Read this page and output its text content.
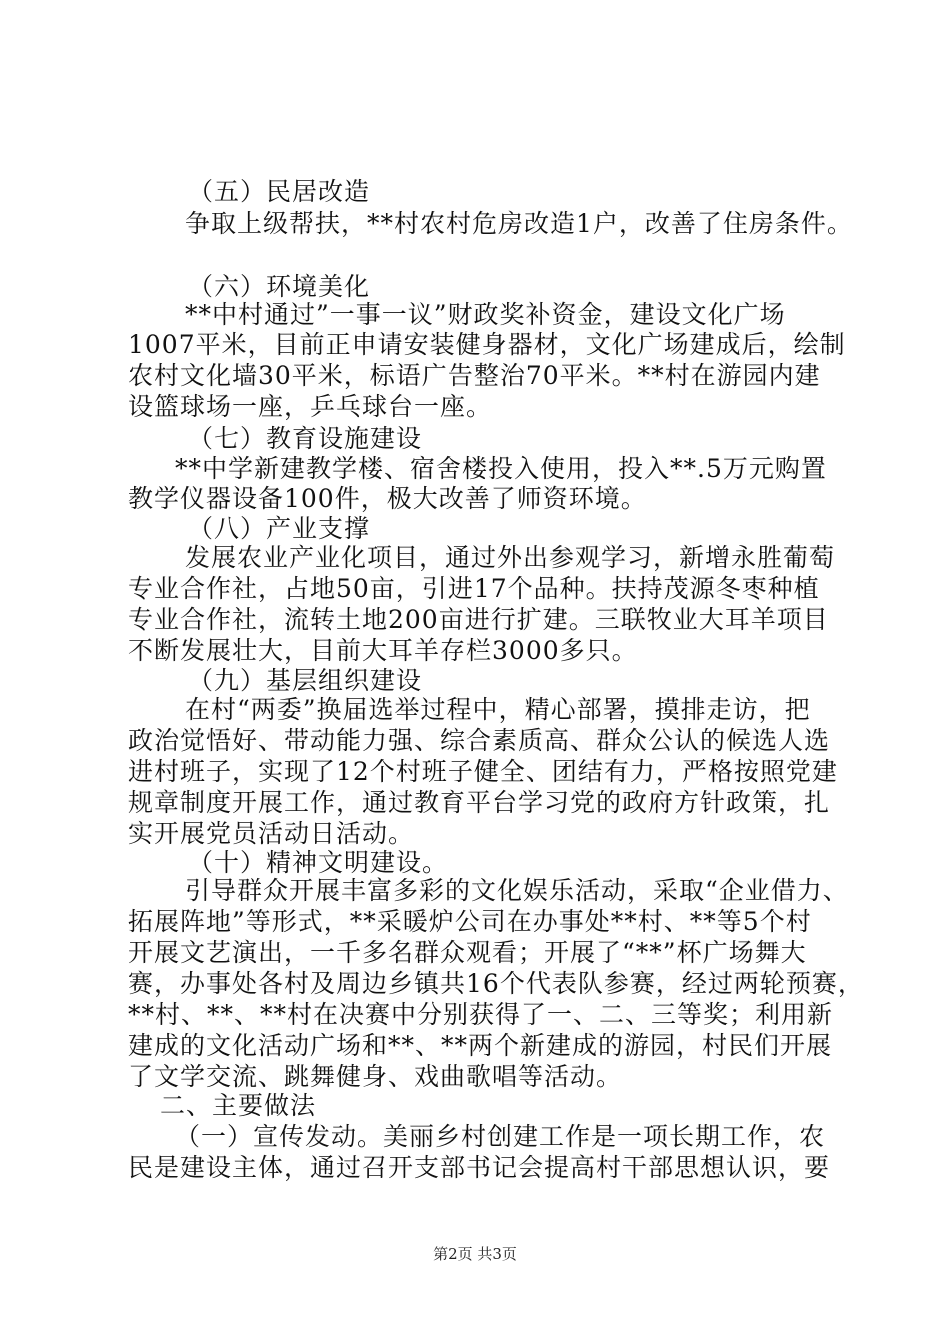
（五）民居改造
争取上级帮扶，**村农村危房改造1户，改善了住房条件。
（六）环境美化
**中村通过”一事一议”财政奖补资金，建设文化广场
1007平米，目前正申请安装健身器材，文化广场建成后，绘制
农村文化墙30平米，标语广告整治70平米。**村在游园内建
设篮球场一座，乒乓球台一座。
（七）教育设施建设
**中学新建教学楼、宿舍楼投入使用，投入**.5万元购置
教学仪器设备100件，极大改善了师资环境。
（八）产业支撑
发展农业产业化项目，通过外出参观学习，新增永胜葡萄
专业合作社，占地50亩，引进17个品种。扶持茂源冬枣种植
专业合作社，流转土地200亩进行扩建。三联牧业大耳羊项目
不断发展壮大，目前大耳羊存栏3000多只。
（九）基层组织建设
在村“两委”换届选举过程中，精心部署，摸排走访，把
政治觉悟好、带动能力强、综合素质高、群众公认的候选人选
进村班子，实现了12个村班子健全、团结有力，严格按照党建
规章制度开展工作，通过教育平台学习党的政府方针政策，扎
实开展党员活动日活动。
（十）精神文明建设。
引导群众开展丰富多彩的文化娱乐活动，采取“企业借力、
拓展阵地”等形式，**采暖炉公司在办事处**村、**等5个村
开展文艺演出，一千多名群众观看；开展了“**”杯广场舞大
赛，办事处各村及周边乡镇共16个代表队参赛，经过两轮预赛，
**村、**、**村在决赛中分别获得了一、二、三等奖；利用新
建成的文化活动广场和**、**两个新建成的游园，村民们开展
了文学交流、跳舞健身、戏曲歌唱等活动。
二、主要做法
（一）宣传发动。美丽乡村创建工作是一项长期工作，农
民是建设主体，通过召开支部书记会提高村干部思想认识，要
第2页 共3页
